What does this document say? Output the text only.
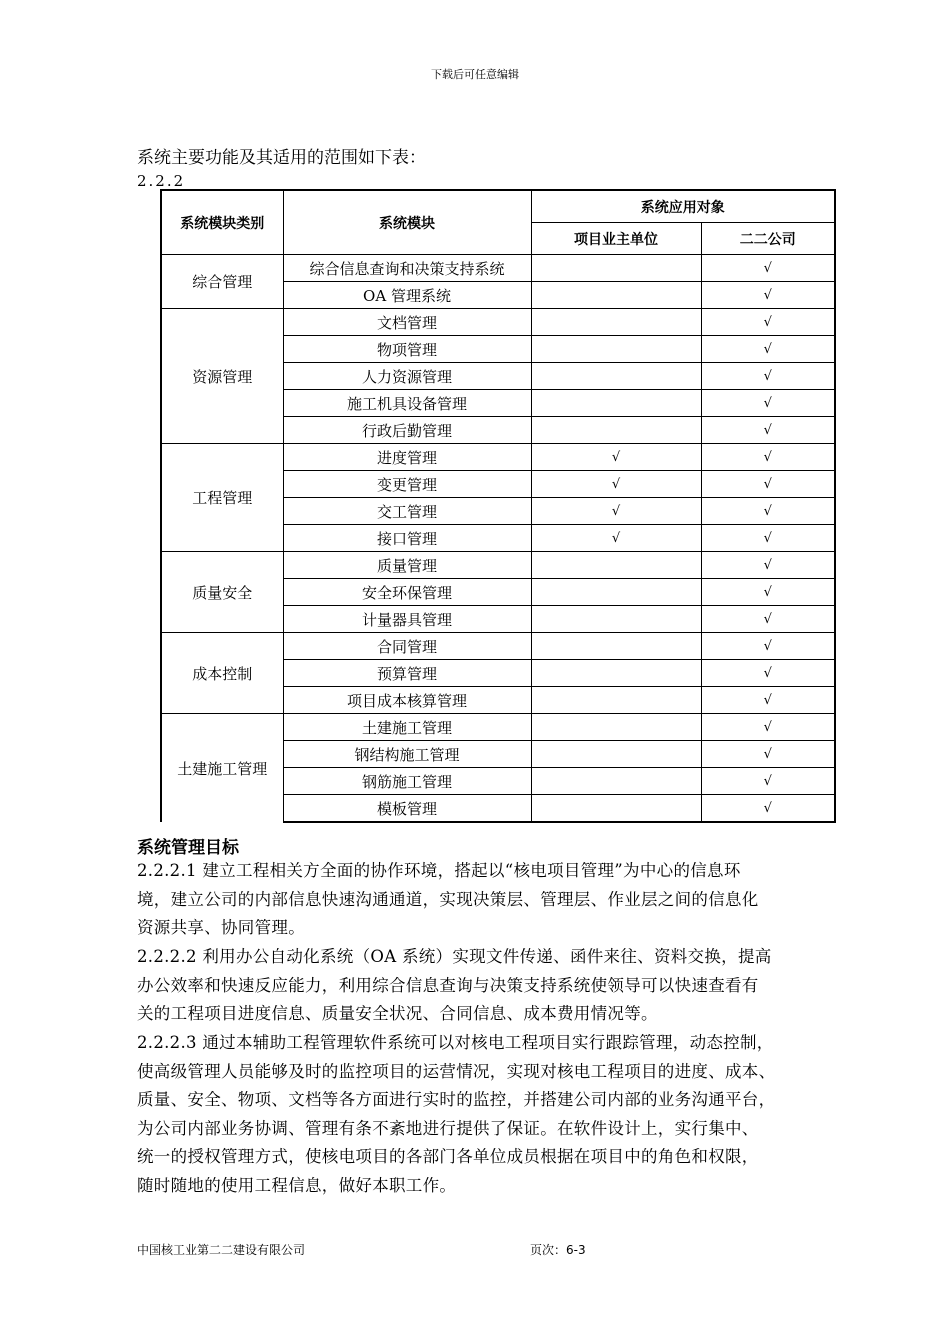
下载后可任意编辑
系统主要功能及其适用的范围如下表：
2.2.2
系统模块类别	系统模块	系统应用对象	
		项目业主单位	二二公司
综合管理	综合信息查询和决策支持系统		√
	OA 管理系统		√
资源管理	文档管理		√
	物项管理		√
	人力资源管理		√
	施工机具设备管理		√
	行政后勤管理		√
工程管理	进度管理	√	√
	变更管理	√	√
	交工管理	√	√
	接口管理	√	√
质量安全	质量管理		√
	安全环保管理		√
	计量器具管理		√
成本控制	合同管理		√
	预算管理		√
	项目成本核算管理		√
土建施工管理	土建施工管理		√
	钢结构施工管理		√
	钢筋施工管理		√
	模板管理		√
系统管理目标
2.2.2.1 建立工程相关方全面的协作环境，搭起以“核电项目管理”为中心的信息环
境，建立公司的内部信息快速沟通通道，实现决策层、管理层、作业层之间的信息化
资源共享、协同管理。
2.2.2.2 利用办公自动化系统（OA 系统）实现文件传递、函件来往、资料交换，提高
办公效率和快速反应能力，利用综合信息查询与决策支持系统使领导可以快速查看有
关的工程项目进度信息、质量安全状况、合同信息、成本费用情况等。
2.2.2.3 通过本辅助工程管理软件系统可以对核电工程项目实行跟踪管理，动态控制，
使高级管理人员能够及时的监控项目的运营情况，实现对核电工程项目的进度、成本、
质量、安全、物项、文档等各方面进行实时的监控，并搭建公司内部的业务沟通平台，
为公司内部业务协调、管理有条不紊地进行提供了保证。在软件设计上，实行集中、
统一的授权管理方式，使核电项目的各部门各单位成员根据在项目中的角色和权限，
随时随地的使用工程信息，做好本职工作。
中国核工业第二二建设有限公司	页次：6-3
